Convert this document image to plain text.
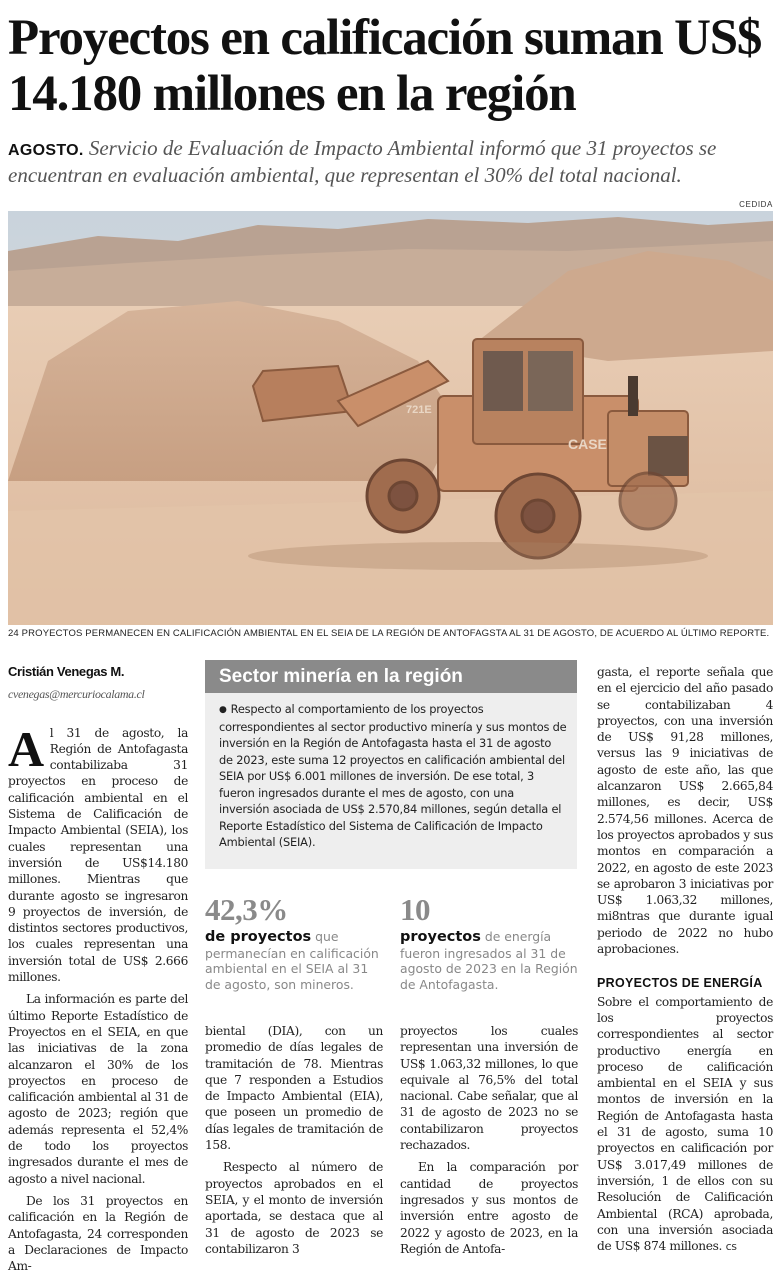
Proyectos en calificación suman US$ 14.180 millones en la región

AGOSTO. Servicio de Evaluación de Impacto Ambiental informó que 31 proyectos se encuentran en evaluación ambiental, que representan el 30% del total nacional.

CEDIDA
CASE
721E
24 PROYECTOS PERMANECEN EN CALIFICACIÓN AMBIENTAL EN EL SEIA DE LA REGIÓN DE ANTOFAGSTA AL 31 DE AGOSTO, DE ACUERDO AL ÚLTIMO REPORTE.
Cristián Venegas M.
cvenegas@mercuriocalama.cl

Al 31 de agosto, la Región de Antofagasta contabilizaba 31 proyectos en proceso de calificación ambiental en el Sistema de Calificación de Impacto Ambiental (SEIA), los cuales representan una inversión de US$14.180 millones. Mientras que durante agosto se ingresaron 9 proyectos de inversión, de distintos sectores productivos, los cuales representan una inversión total de US$ 2.666 millones.

La información es parte del último Reporte Estadístico de Proyectos en el SEIA, en que las iniciativas de la zona alcanzaron el 30% de los proyectos en proceso de calificación ambiental al 31 de agosto de 2023; región que además representa el 52,4% de todo los proyectos ingresados durante el mes de agosto a nivel nacional.

De los 31 proyectos en calificación en la Región de Antofagasta, 24 corresponden a Declaraciones de Impacto Am-

Sector minería en la región
● Respecto al comportamiento de los proyectos correspondientes al sector productivo minería y sus montos de inversión en la Región de Antofagasta hasta el 31 de agosto de 2023, este suma 12 proyectos en calificación ambiental del SEIA por US$ 6.001 millones de inversión. De ese total, 3 fueron ingresados durante el mes de agosto, con una inversión asociada de US$ 2.570,84 millones, según detalla el Reporte Estadístico del Sistema de Calificación de Impacto Ambiental (SEIA).
42,3%
de proyectos que permanecían en calificación ambiental en el SEIA al 31 de agosto, son mineros.
10
proyectos de energía fueron ingresados al 31 de agosto de 2023 en la Región de Antofagasta.

biental (DIA), con un promedio de días legales de tramitación de 78. Mientras que 7 responden a Estudios de Impacto Ambiental (EIA), que poseen un promedio de días legales de tramitación de 158.

Respecto al número de proyectos aprobados en el SEIA, y el monto de inversión aportada, se destaca que al 31 de agosto de 2023 se contabilizaron 3

proyectos los cuales representan una inversión de US$ 1.063,32 millones, lo que equivale al 76,5% del total nacional. Cabe señalar, que al 31 de agosto de 2023 no se contabilizaron proyectos rechazados.

En la comparación por cantidad de proyectos ingresados y sus montos de inversión entre agosto de 2022 y agosto de 2023, en la Región de Antofa-

gasta, el reporte señala que en el ejercicio del año pasado se contabilizaban 4 proyectos, con una inversión de US$ 91,28 millones, versus las 9 iniciativas de agosto de este año, las que alcanzaron US$ 2.665,84 millones, es decir, US$ 2.574,56 millones. Acerca de los proyectos aprobados y sus montos en comparación a 2022, en agosto de este 2023 se aprobaron 3 iniciativas por US$ 1.063,32 millones, mi8ntras que durante igual periodo de 2022 no hubo aprobaciones.

PROYECTOS DE ENERGÍA

Sobre el comportamiento de los proyectos correspondientes al sector productivo energía en proceso de calificación ambiental en el SEIA y sus montos de inversión en la Región de Antofagasta hasta el 31 de agosto, suma 10 proyectos en calificación por US$ 3.017,49 millones de inversión, 1 de ellos con su Resolución de Calificación Ambiental (RCA) aprobada, con una inversión asociada de US$ 874 millones. cs
